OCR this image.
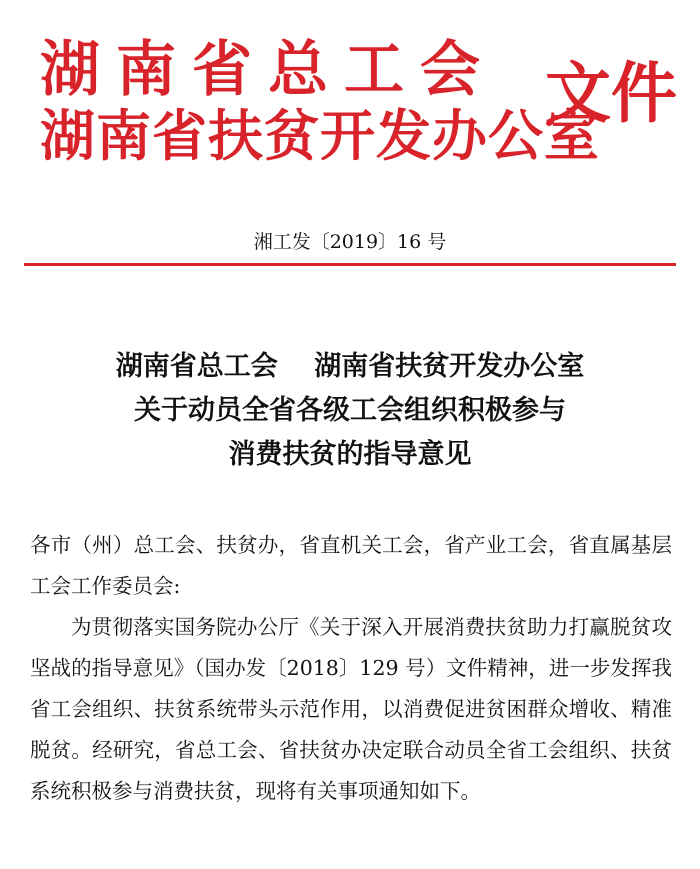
湖南省总工会
湖南省扶贫开发办公室
文件
湘工发〔2019〕16 号
湖南省总工会　 湖南省扶贫开发办公室
关于动员全省各级工会组织积极参与
消费扶贫的指导意见

各市（州）总工会、扶贫办，省直机关工会，省产业工会，省直属基层工会工作委员会:

为贯彻落实国务院办公厅《关于深入开展消费扶贫助力打赢脱贫攻坚战的指导意见》（国办发〔2018〕129 号）文件精神，进一步发挥我省工会组织、扶贫系统带头示范作用，以消费促进贫困群众增收、精准脱贫。经研究，省总工会、省扶贫办决定联合动员全省工会组织、扶贫系统积极参与消费扶贫，现将有关事项通知如下。
